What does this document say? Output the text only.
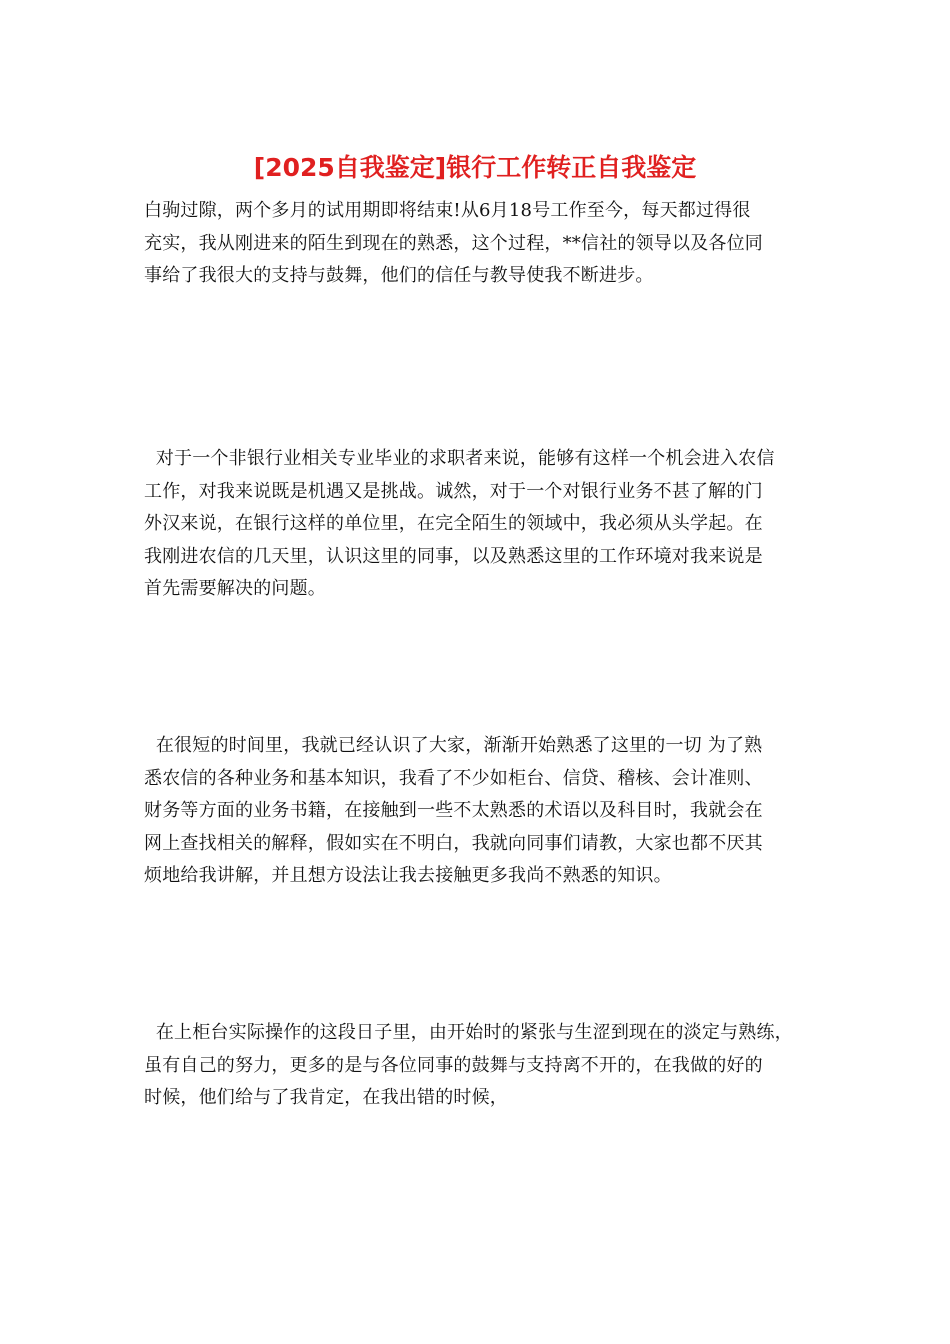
[2025自我鉴定]银行工作转正自我鉴定
白驹过隙，两个多月的试用期即将结束!从6月18号工作至今，每天都过得很
充实，我从刚进来的陌生到现在的熟悉，这个过程，**信社的领导以及各位同
事给了我很大的支持与鼓舞，他们的信任与教导使我不断进步。
对于一个非银行业相关专业毕业的求职者来说，能够有这样一个机会进入农信
工作，对我来说既是机遇又是挑战。诚然，对于一个对银行业务不甚了解的门
外汉来说，在银行这样的单位里，在完全陌生的领域中，我必须从头学起。在
我刚进农信的几天里，认识这里的同事，以及熟悉这里的工作环境对我来说是
首先需要解决的问题。
在很短的时间里，我就已经认识了大家，渐渐开始熟悉了这里的一切 为了熟
悉农信的各种业务和基本知识，我看了不少如柜台、信贷、稽核、会计准则、
财务等方面的业务书籍，在接触到一些不太熟悉的术语以及科目时，我就会在
网上查找相关的解释，假如实在不明白，我就向同事们请教，大家也都不厌其
烦地给我讲解，并且想方设法让我去接触更多我尚不熟悉的知识。
在上柜台实际操作的这段日子里，由开始时的紧张与生涩到现在的淡定与熟练，
虽有自己的努力，更多的是与各位同事的鼓舞与支持离不开的，在我做的好的
时候，他们给与了我肯定，在我出错的时候，
